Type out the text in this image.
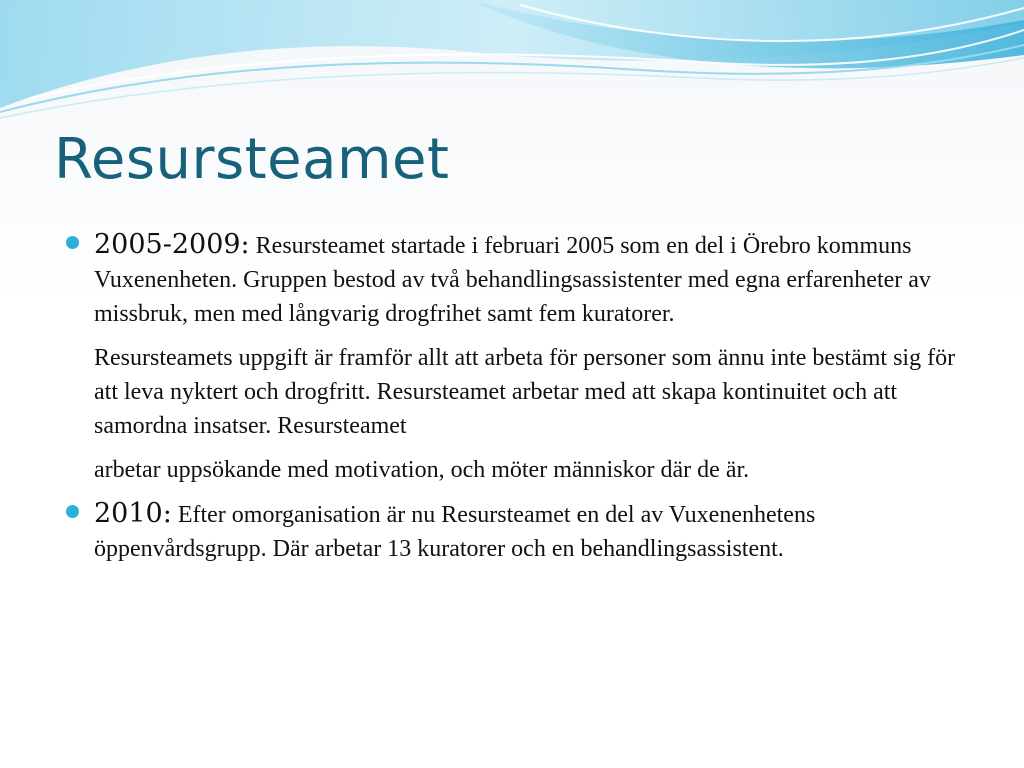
Resursteamet

2005-2009: Resursteamet startade i februari 2005 som en del i Örebro kommuns Vuxenenheten. Gruppen bestod av två behandlingsassistenter med egna erfarenheter av missbruk, men med långvarig drogfrihet samt fem kuratorer.

Resursteamets uppgift är framför allt att arbeta för personer som ännu inte bestämt sig för att leva nyktert och drogfritt. Resursteamet arbetar med att skapa kontinuitet och att samordna insatser. Resursteamet

arbetar uppsökande med motivation, och möter människor där de är.

2010: Efter omorganisation är nu Resursteamet en del av Vuxenenhetens öppenvårdsgrupp. Där arbetar 13 kuratorer och en behandlingsassistent.
